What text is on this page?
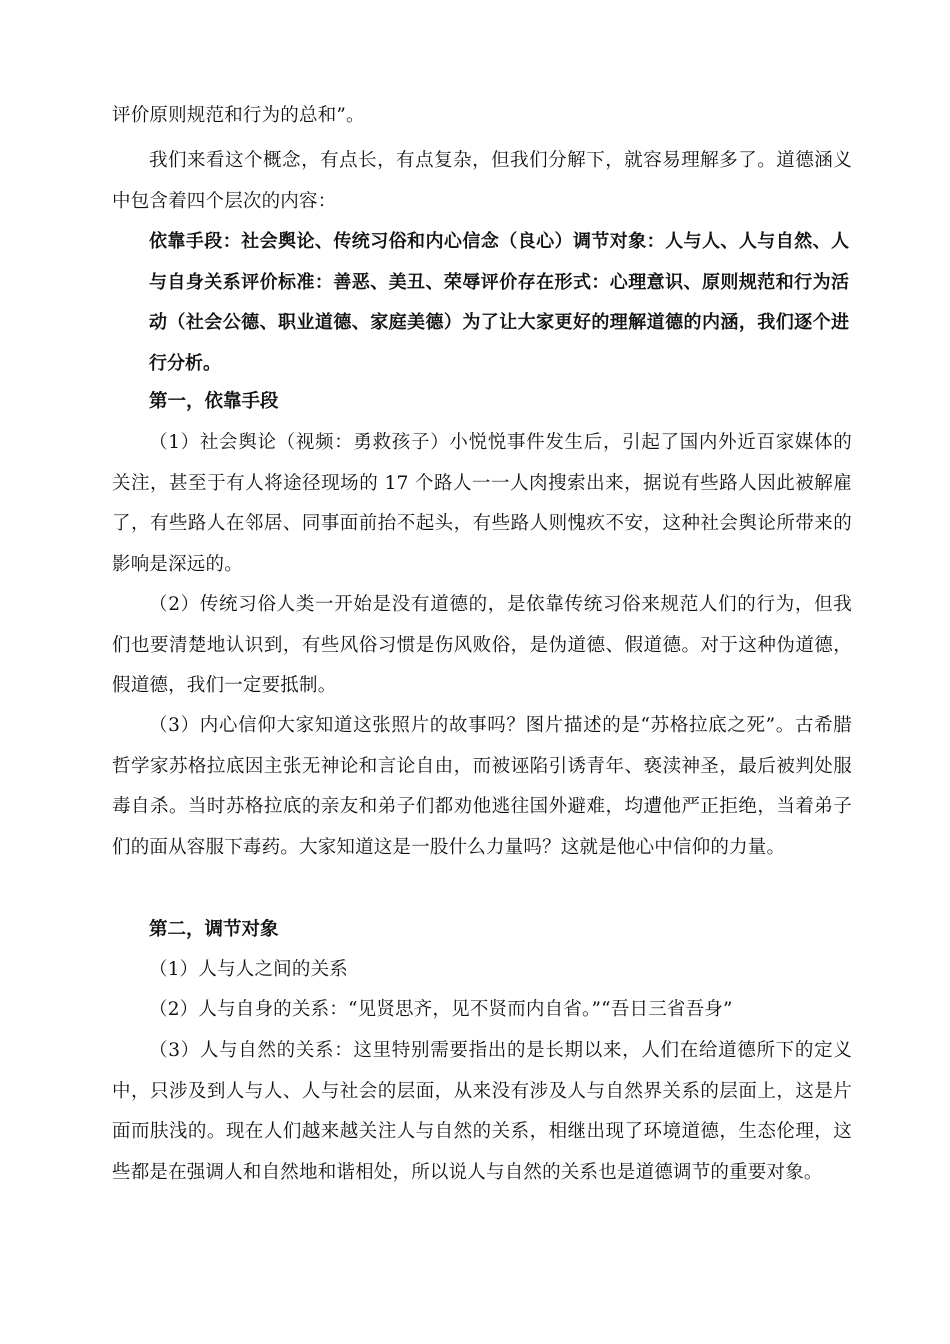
评价原则规范和行为的总和”。

我们来看这个概念，有点长，有点复杂，但我们分解下，就容易理解多了。道德涵义中包含着四个层次的内容：

依靠手段：社会舆论、传统习俗和内心信念（良心）调节对象：人与人、人与自然、人与自身关系评价标准：善恶、美丑、荣辱评价存在形式：心理意识、原则规范和行为活动（社会公德、职业道德、家庭美德）为了让大家更好的理解道德的内涵，我们逐个进行分析。

第一，依靠手段

（1）社会舆论（视频：勇救孩子）小悦悦事件发生后，引起了国内外近百家媒体的关注，甚至于有人将途径现场的 17 个路人一一人肉搜索出来，据说有些路人因此被解雇了，有些路人在邻居、同事面前抬不起头，有些路人则愧疚不安，这种社会舆论所带来的影响是深远的。

（2）传统习俗人类一开始是没有道德的，是依靠传统习俗来规范人们的行为，但我们也要清楚地认识到，有些风俗习惯是伤风败俗，是伪道德、假道德。对于这种伪道德，假道德，我们一定要抵制。

（3）内心信仰大家知道这张照片的故事吗？图片描述的是“苏格拉底之死”。古希腊哲学家苏格拉底因主张无神论和言论自由，而被诬陷引诱青年、亵渎神圣，最后被判处服毒自杀。当时苏格拉底的亲友和弟子们都劝他逃往国外避难，均遭他严正拒绝，当着弟子们的面从容服下毒药。大家知道这是一股什么力量吗？这就是他心中信仰的力量。

第二，调节对象

（1）人与人之间的关系

（2）人与自身的关系：“见贤思齐，见不贤而内自省。”“吾日三省吾身”

（3）人与自然的关系：这里特别需要指出的是长期以来，人们在给道德所下的定义中，只涉及到人与人、人与社会的层面，从来没有涉及人与自然界关系的层面上，这是片面而肤浅的。现在人们越来越关注人与自然的关系，相继出现了环境道德，生态伦理，这些都是在强调人和自然地和谐相处，所以说人与自然的关系也是道德调节的重要对象。
